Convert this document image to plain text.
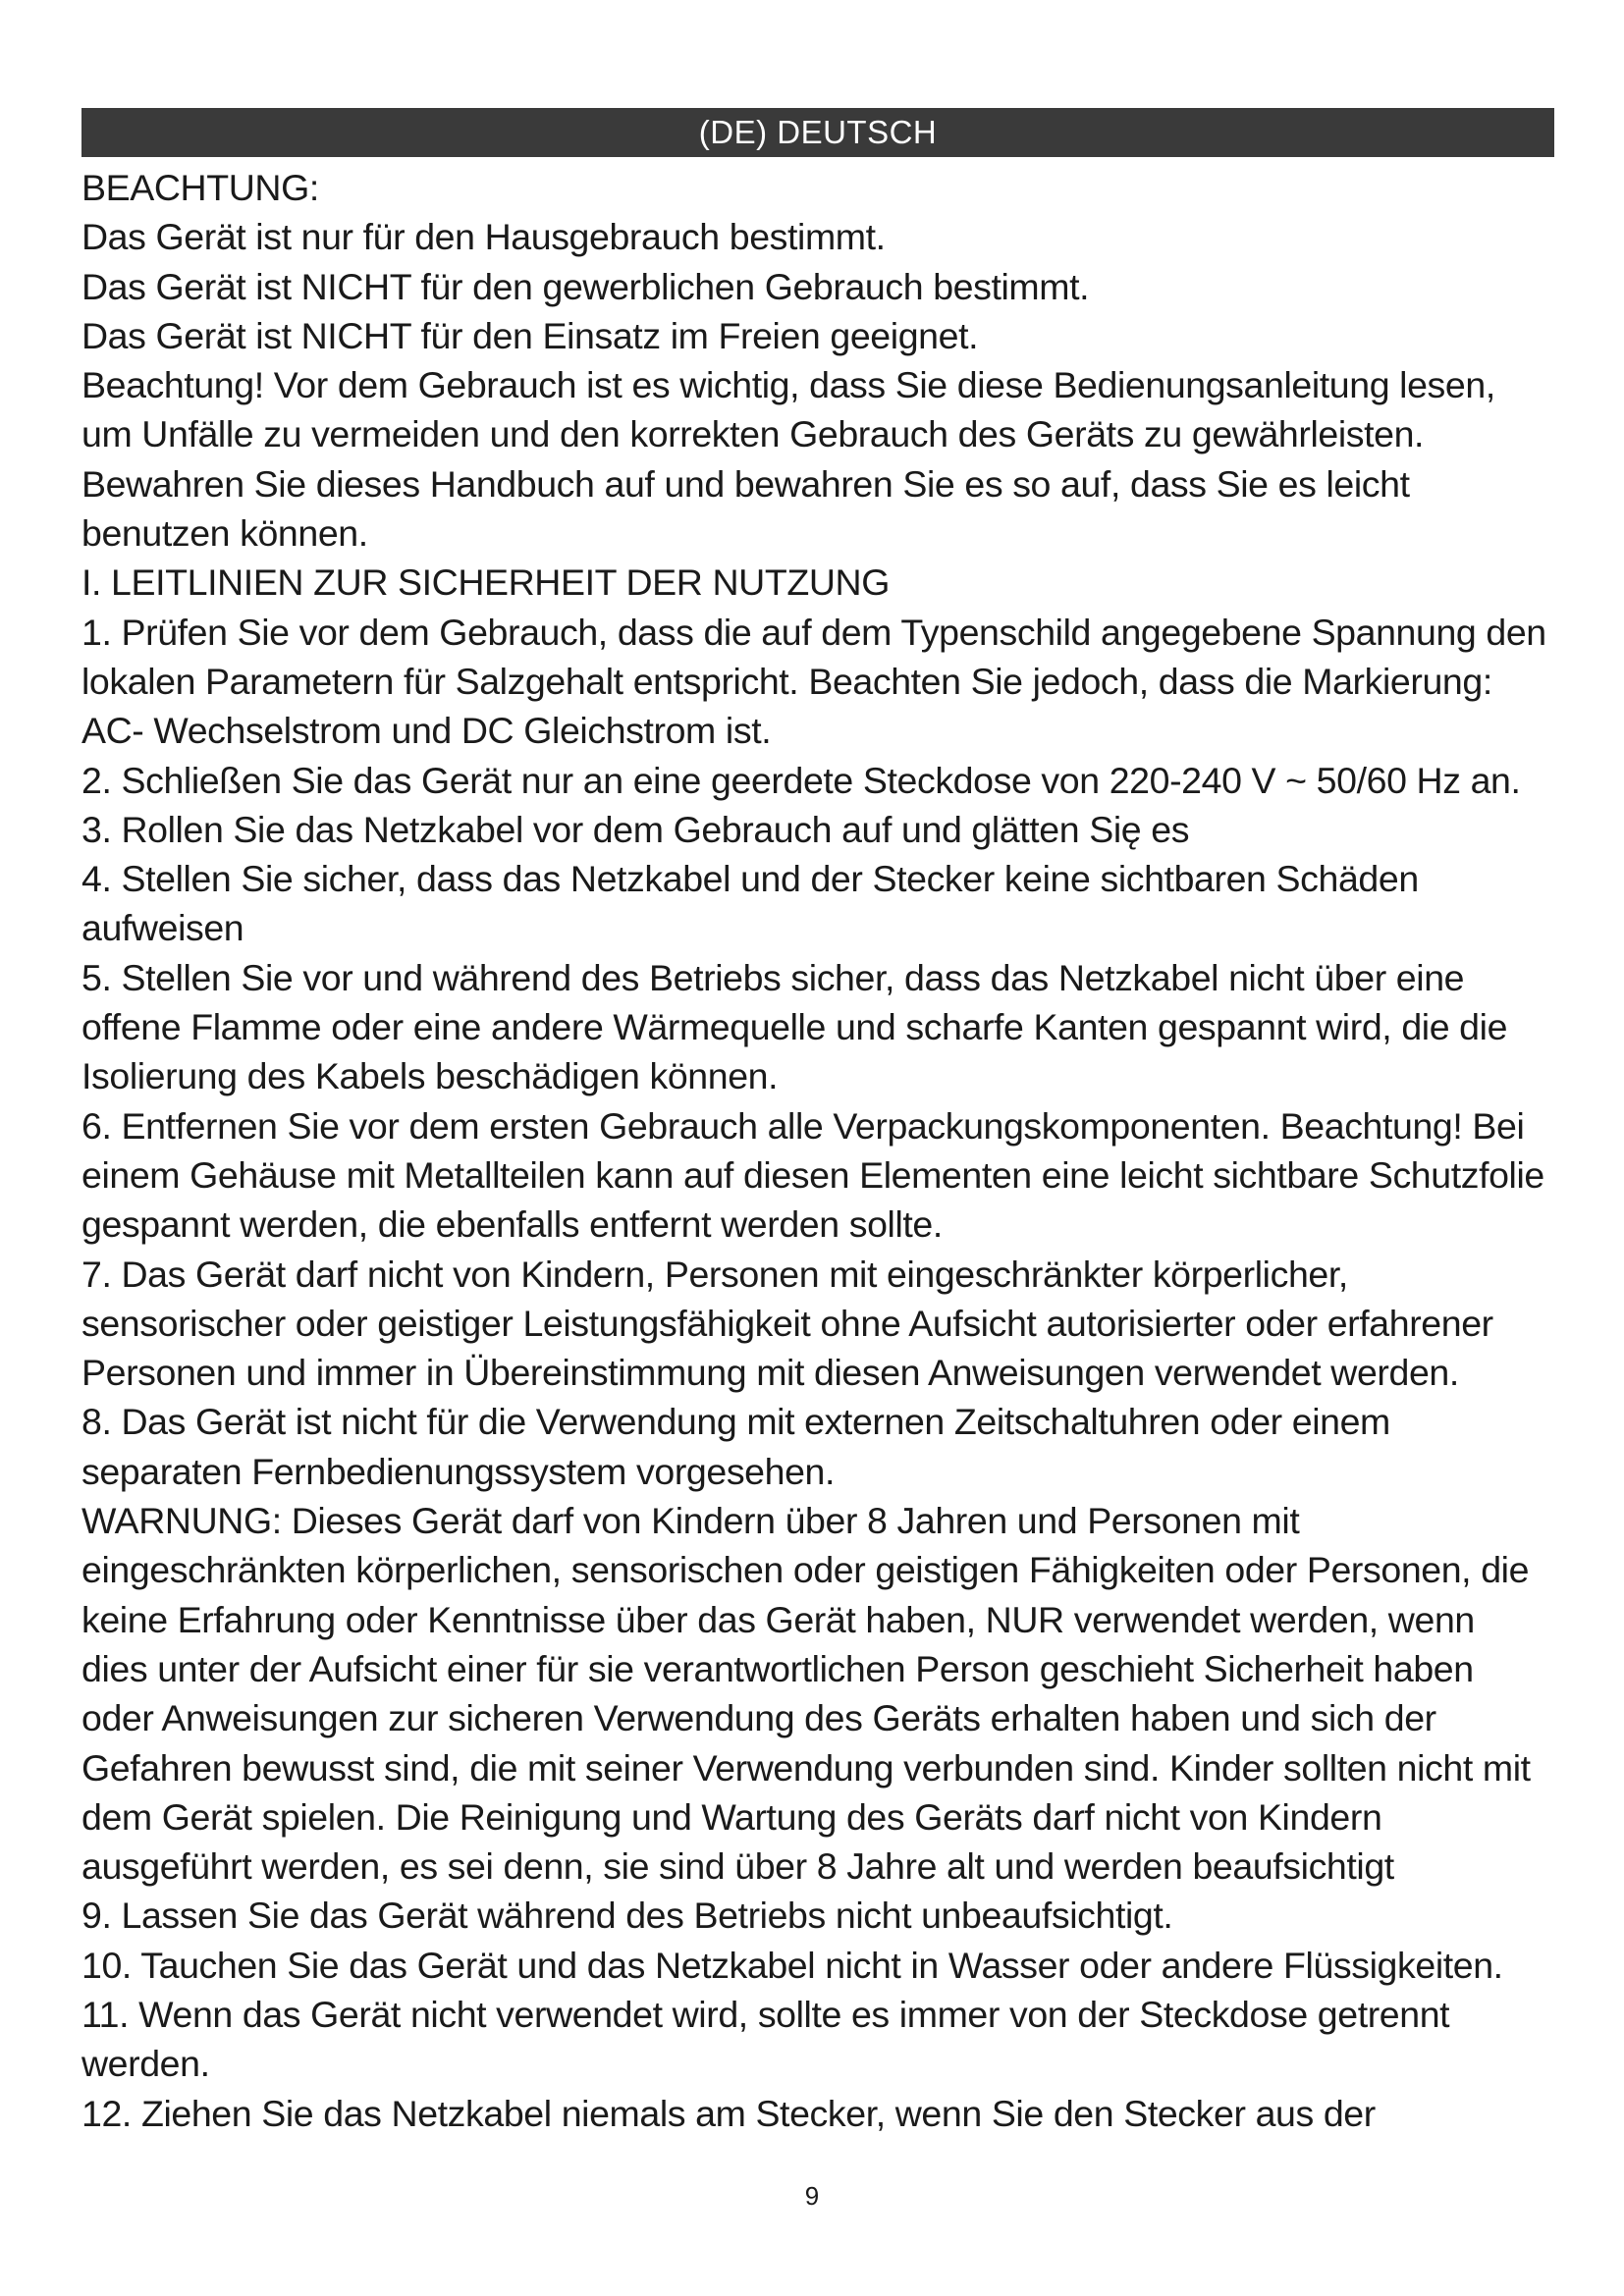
(DE) DEUTSCH
BEACHTUNG:
Das Gerät ist nur für den Hausgebrauch bestimmt.
Das Gerät ist NICHT für den gewerblichen Gebrauch bestimmt.
Das Gerät ist NICHT für den Einsatz im Freien geeignet.
Beachtung! Vor dem Gebrauch ist es wichtig, dass Sie diese Bedienungsanleitung lesen,
um Unfälle zu vermeiden und den korrekten Gebrauch des Geräts zu gewährleisten.
Bewahren Sie dieses Handbuch auf und bewahren Sie es so auf, dass Sie es leicht
benutzen können.
I. LEITLINIEN ZUR SICHERHEIT DER NUTZUNG
1. Prüfen Sie vor dem Gebrauch, dass die auf dem Typenschild angegebene Spannung den
lokalen Parametern für Salzgehalt entspricht. Beachten Sie jedoch, dass die Markierung:
AC- Wechselstrom und DC Gleichstrom ist.
2. Schließen Sie das Gerät nur an eine geerdete Steckdose von 220-240 V ~ 50/60 Hz an.
3. Rollen Sie das Netzkabel vor dem Gebrauch auf und glätten Się es
4. Stellen Sie sicher, dass das Netzkabel und der Stecker keine sichtbaren Schäden
aufweisen
5. Stellen Sie vor und während des Betriebs sicher, dass das Netzkabel nicht über eine
offene Flamme oder eine andere Wärmequelle und scharfe Kanten gespannt wird, die die
Isolierung des Kabels beschädigen können.
6. Entfernen Sie vor dem ersten Gebrauch alle Verpackungskomponenten. Beachtung! Bei
einem Gehäuse mit Metallteilen kann auf diesen Elementen eine leicht sichtbare Schutzfolie
gespannt werden, die ebenfalls entfernt werden sollte.
7. Das Gerät darf nicht von Kindern, Personen mit eingeschränkter körperlicher,
sensorischer oder geistiger Leistungsfähigkeit ohne Aufsicht autorisierter oder erfahrener
Personen und immer in Übereinstimmung mit diesen Anweisungen verwendet werden.
8. Das Gerät ist nicht für die Verwendung mit externen Zeitschaltuhren oder einem
separaten Fernbedienungssystem vorgesehen.
WARNUNG: Dieses Gerät darf von Kindern über 8 Jahren und Personen mit
eingeschränkten körperlichen, sensorischen oder geistigen Fähigkeiten oder Personen, die
keine Erfahrung oder Kenntnisse über das Gerät haben, NUR verwendet werden, wenn
dies unter der Aufsicht einer für sie verantwortlichen Person geschieht Sicherheit haben
oder Anweisungen zur sicheren Verwendung des Geräts erhalten haben und sich der
Gefahren bewusst sind, die mit seiner Verwendung verbunden sind. Kinder sollten nicht mit
dem Gerät spielen. Die Reinigung und Wartung des Geräts darf nicht von Kindern
ausgeführt werden, es sei denn, sie sind über 8 Jahre alt und werden beaufsichtigt
9. Lassen Sie das Gerät während des Betriebs nicht unbeaufsichtigt.
10. Tauchen Sie das Gerät und das Netzkabel nicht in Wasser oder andere Flüssigkeiten.
11. Wenn das Gerät nicht verwendet wird, sollte es immer von der Steckdose getrennt
werden.
12. Ziehen Sie das Netzkabel niemals am Stecker, wenn Sie den Stecker aus der
9
